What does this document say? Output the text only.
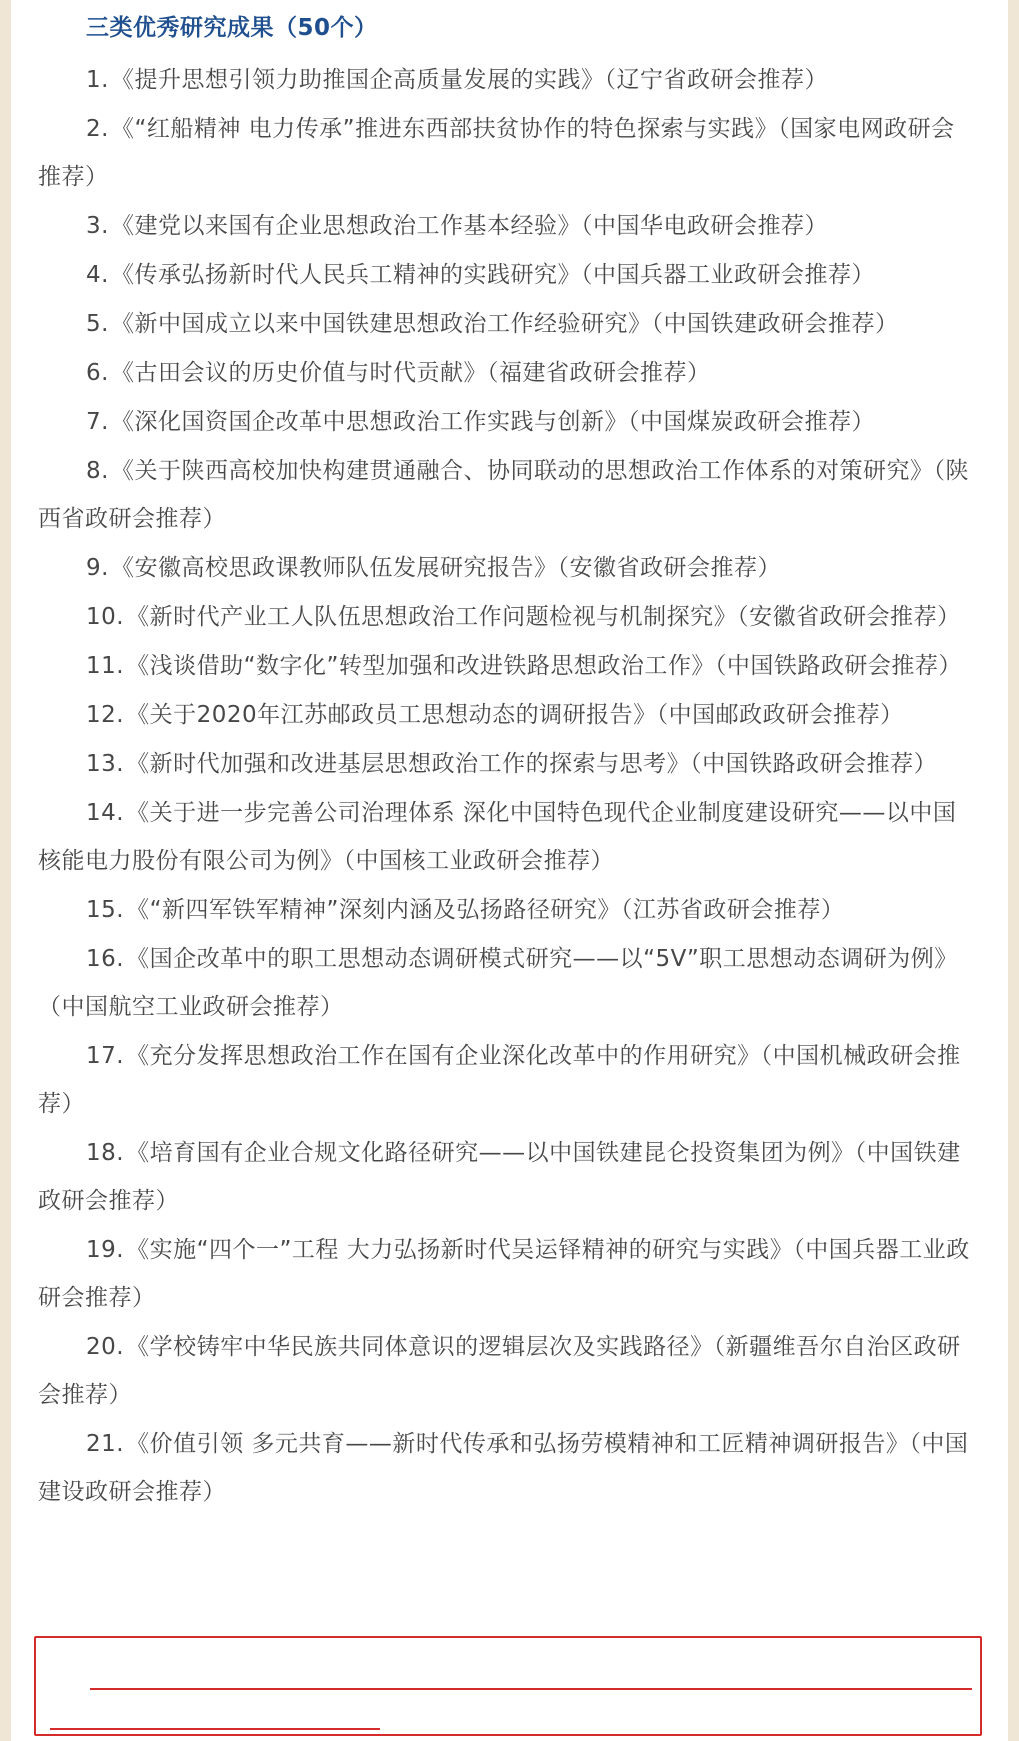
三类优秀研究成果（50个）

1.《提升思想引领力助推国企高质量发展的实践》（辽宁省政研会推荐）

2.《“红船精神 电力传承”推进东西部扶贫协作的特色探索与实践》（国家电网政研会推荐）

3.《建党以来国有企业思想政治工作基本经验》（中国华电政研会推荐）

4.《传承弘扬新时代人民兵工精神的实践研究》（中国兵器工业政研会推荐）

5.《新中国成立以来中国铁建思想政治工作经验研究》（中国铁建政研会推荐）

6.《古田会议的历史价值与时代贡献》（福建省政研会推荐）

7.《深化国资国企改革中思想政治工作实践与创新》（中国煤炭政研会推荐）

8.《关于陕西高校加快构建贯通融合、协同联动的思想政治工作体系的对策研究》（陕西省政研会推荐）

9.《安徽高校思政课教师队伍发展研究报告》（安徽省政研会推荐）

10.《新时代产业工人队伍思想政治工作问题检视与机制探究》（安徽省政研会推荐）

11.《浅谈借助“数字化”转型加强和改进铁路思想政治工作》（中国铁路政研会推荐）

12.《关于2020年江苏邮政员工思想动态的调研报告》（中国邮政政研会推荐）

13.《新时代加强和改进基层思想政治工作的探索与思考》（中国铁路政研会推荐）

14.《关于进一步完善公司治理体系 深化中国特色现代企业制度建设研究——以中国核能电力股份有限公司为例》（中国核工业政研会推荐）

15.《“新四军铁军精神”深刻内涵及弘扬路径研究》（江苏省政研会推荐）

16.《国企改革中的职工思想动态调研模式研究——以“5V”职工思想动态调研为例》（中国航空工业政研会推荐）

17.《充分发挥思想政治工作在国有企业深化改革中的作用研究》（中国机械政研会推荐）

18.《培育国有企业合规文化路径研究——以中国铁建昆仑投资集团为例》（中国铁建政研会推荐）

19.《实施“四个一”工程 大力弘扬新时代吴运铎精神的研究与实践》（中国兵器工业政研会推荐）

20.《学校铸牢中华民族共同体意识的逻辑层次及实践路径》（新疆维吾尔自治区政研会推荐）

21.《价值引领 多元共育——新时代传承和弘扬劳模精神和工匠精神调研报告》（中国建设政研会推荐）
